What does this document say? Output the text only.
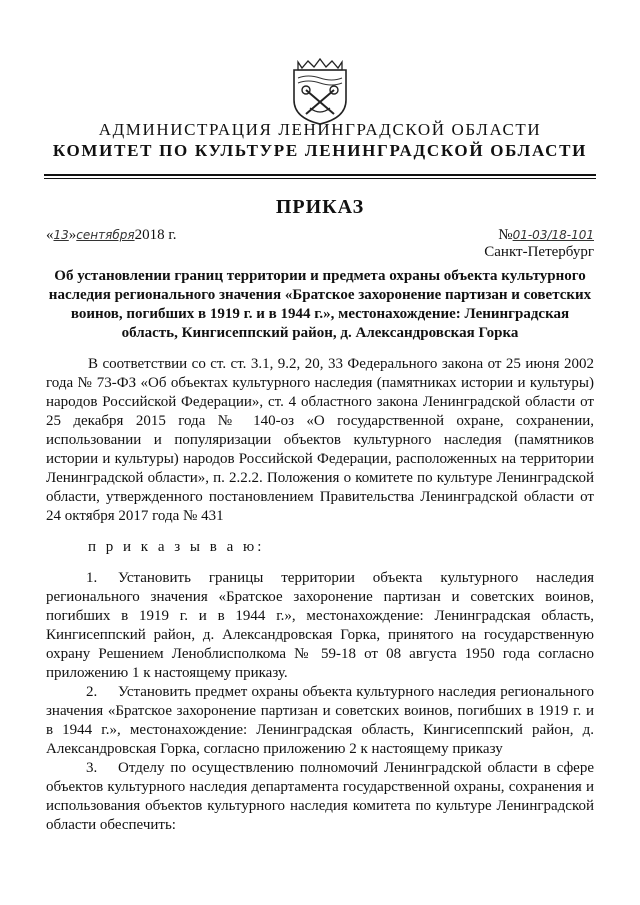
АДМИНИСТРАЦИЯ ЛЕНИНГРАДСКОЙ ОБЛАСТИ
КОМИТЕТ ПО КУЛЬТУРЕ ЛЕНИНГРАДСКОЙ ОБЛАСТИ
ПРИКАЗ
«13»сентября2018 г.	№01-03/18-101
Санкт-Петербург
Об установлении границ территории и предмета охраны объекта культурного наследия регионального значения «Братское захоронение партизан и советских воинов, погибших в 1919 г. и в 1944 г.», местонахождение: Ленинградская область, Кингисеппский район, д. Александровская Горка

В соответствии со ст. ст. 3.1, 9.2, 20, 33 Федерального закона от 25 июня 2002 года № 73-ФЗ «Об объектах культурного наследия (памятниках истории и культуры) народов Российской Федерации», ст. 4 областного закона Ленинградской области от 25 декабря 2015 года № 140-оз «О государственной охране, сохранении, использовании и популяризации объектов культурного наследия (памятников истории и культуры) народов Российской Федерации, расположенных на территории Ленинградской области», п. 2.2.2. Положения о комитете по культуре Ленинградской области, утвержденного постановлением Правительства Ленинградской области от 24 октября 2017 года № 431

п р и к а з ы в а ю:

1. Установить границы территории объекта культурного наследия регионального значения «Братское захоронение партизан и советских воинов, погибших в 1919 г. и в 1944 г.», местонахождение: Ленинградская область, Кингисеппский район, д. Александровская Горка, принятого на государственную охрану Решением Леноблисполкома № 59-18 от 08 августа 1950 года согласно приложению 1 к настоящему приказу.

2. Установить предмет охраны объекта культурного наследия регионального значения «Братское захоронение партизан и советских воинов, погибших в 1919 г. и в 1944 г.», местонахождение: Ленинградская область, Кингисеппский район, д. Александровская Горка, согласно приложению 2 к настоящему приказу

3. Отделу по осуществлению полномочий Ленинградской области в сфере объектов культурного наследия департамента государственной охраны, сохранения и использования объектов культурного наследия комитета по культуре Ленинградской области обеспечить:
